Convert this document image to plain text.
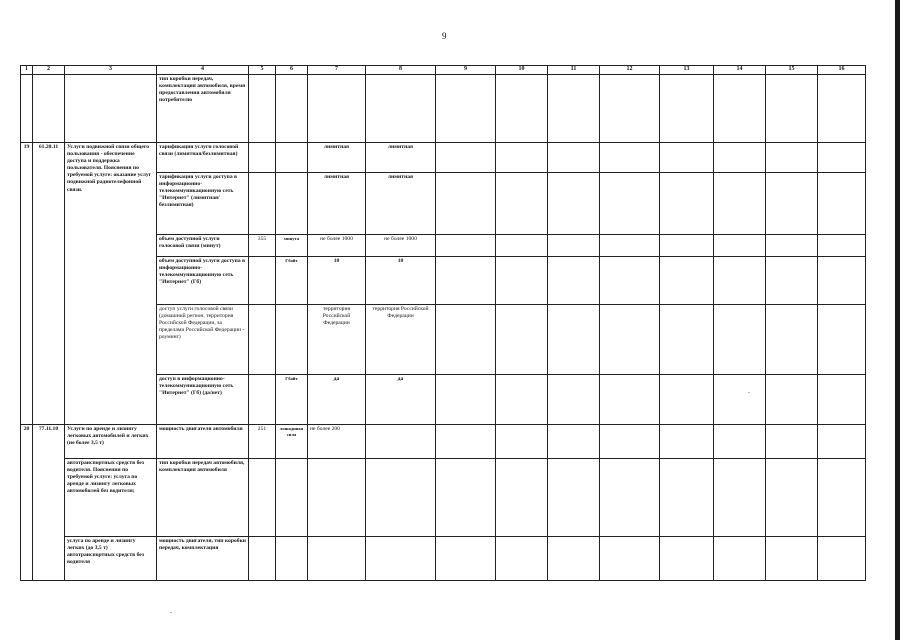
9
1	2	3	4	5	6	7	8	9	10	11	12	13	14	15	16
			тип коробки передач, комплектация автомобиля, время предоставления автомобиля потребителю												
19	61.20.11	Услуги подвижной связи общего пользования - обеспечение доступа и поддержка пользователя. Пояснения по требуемой услуге: оказание услуг подвижной радиотелефонной связи.	тарификация услуги голосовой связи (лимитная/безлимитная)			лимитная	лимитная								
			тарификация услуги доступа в информационно-телекоммуникационную сеть "Интернет" (лимитная/безлимитная)			лимитная	лимитная								
			объем доступной услуги голосовой связи (минут)	355	минута	не более 1000	не более 1000								
			объем доступной услуги доступа в информационно-телекоммуникационную сеть "Интернет" (Гб)		Гбайт	10	10								
			доступ услуги голосовой связи (домашний регион, территория Российской Федерации, за пределами Российской Федерации - роуминг)			территория Российской Федерации	территория Российской Федерации								
			доступ в информационно-телекоммуникационную сеть "Интернет" (Гб) (да/нет)		Гбайт	да	да								
20	77.11.10	Услуги по аренде и лизингу легковых автомобилей и легких (не более 3,5 т)	мощность двигателя автомобиля	251	лошадиная сила	не более 200									
		автотранспортных средств без водителя. Пояснения по требуемой услуге: услуга по аренде и лизингу легковых автомобилей без водителя;	тип коробки передач автомобиля, комплектация автомобиля												
		услуга по аренде и лизингу легких (до 3,5 т) автотранспортных средств без водителя	мощность двигателя, тип коробки передач, комплектация												
